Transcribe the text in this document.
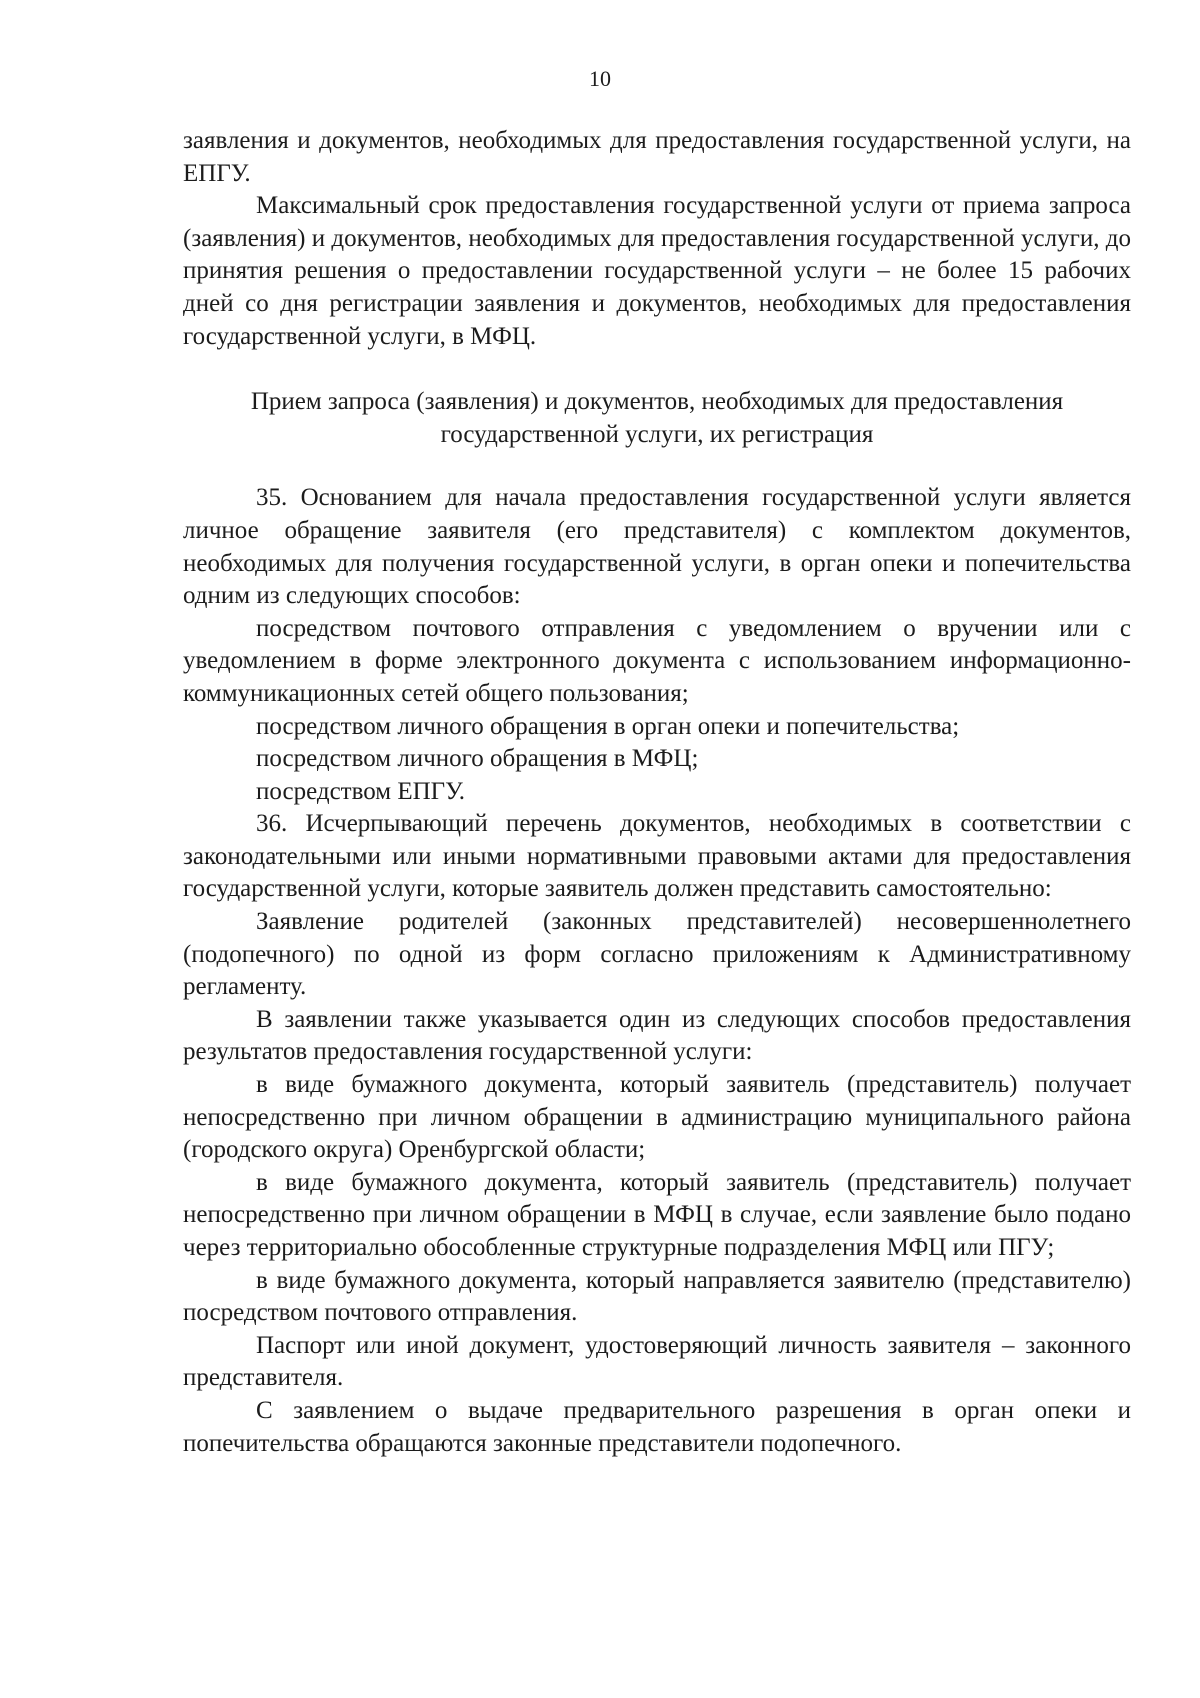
10

заявления и документов, необходимых для предоставления государственной услуги, на ЕПГУ.

Максимальный срок предоставления государственной услуги от приема запроса (заявления) и документов, необходимых для предоставления государственной услуги, до принятия решения о предоставлении государственной услуги – не более 15 рабочих дней со дня регистрации заявления и документов, необходимых для предоставления государственной услуги, в МФЦ.

Прием запроса (заявления) и документов, необходимых для предоставления государственной услуги, их регистрация

35. Основанием для начала предоставления государственной услуги является личное обращение заявителя (его представителя) с комплектом документов, необходимых для получения государственной услуги, в орган опеки и попечительства одним из следующих способов:

посредством почтового отправления с уведомлением о вручении или с уведомлением в форме электронного документа с использованием информационно-коммуникационных сетей общего пользования;

посредством личного обращения в орган опеки и попечительства;

посредством личного обращения в МФЦ;

посредством ЕПГУ.

36. Исчерпывающий перечень документов, необходимых в соответствии с законодательными или иными нормативными правовыми актами для предоставления государственной услуги, которые заявитель должен представить самостоятельно:

Заявление родителей (законных представителей) несовершеннолетнего (подопечного) по одной из форм согласно приложениям к Административному регламенту.

В заявлении также указывается один из следующих способов предоставления результатов предоставления государственной услуги:

в виде бумажного документа, который заявитель (представитель) получает непосредственно при личном обращении в администрацию муниципального района (городского округа) Оренбургской области;

в виде бумажного документа, который заявитель (представитель) получает непосредственно при личном обращении в МФЦ в случае, если заявление было подано через территориально обособленные структурные подразделения МФЦ или ПГУ;

в виде бумажного документа, который направляется заявителю (представителю) посредством почтового отправления.

Паспорт или иной документ, удостоверяющий личность заявителя – законного представителя.

С заявлением о выдаче предварительного разрешения в орган опеки и попечительства обращаются законные представители подопечного.
